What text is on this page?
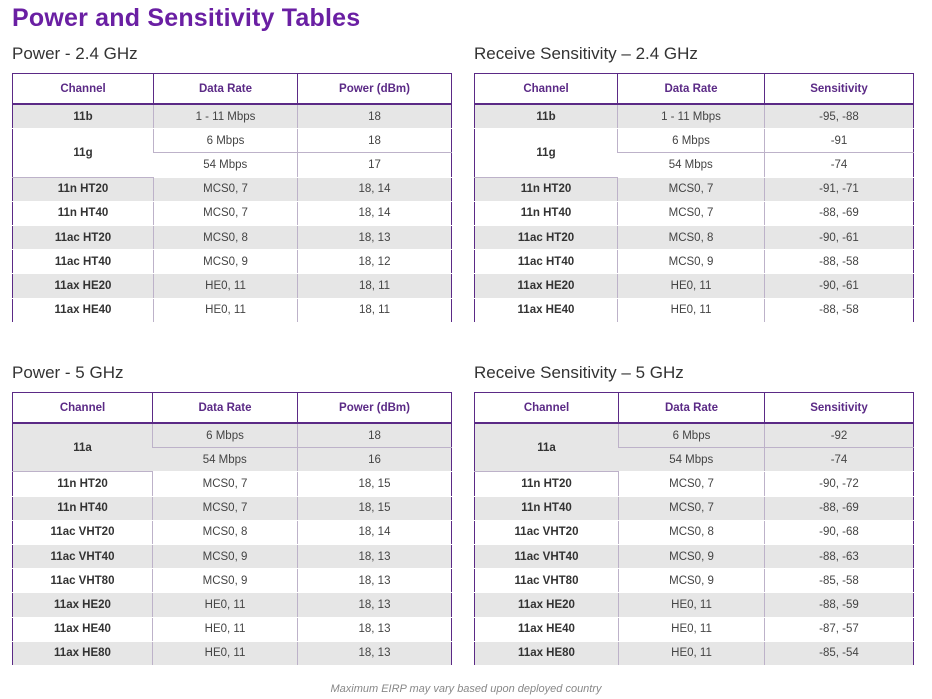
Power and Sensitivity Tables
Power - 2.4 GHz
Channel	Data Rate	Power (dBm)
11b	1 - 11 Mbps	18
11g	6 Mbps	18
	54 Mbps	17
11n HT20	MCS0, 7	18, 14
11n HT40	MCS0, 7	18, 14
11ac HT20	MCS0, 8	18, 13
11ac HT40	MCS0, 9	18, 12
11ax HE20	HE0, 11	18, 11
11ax HE40	HE0, 11	18, 11
Receive Sensitivity – 2.4 GHz
Channel	Data Rate	Sensitivity
11b	1 - 11 Mbps	-95, -88
11g	6 Mbps	-91
	54 Mbps	-74
11n HT20	MCS0, 7	-91, -71
11n HT40	MCS0, 7	-88, -69
11ac HT20	MCS0, 8	-90, -61
11ac HT40	MCS0, 9	-88, -58
11ax HE20	HE0, 11	-90, -61
11ax HE40	HE0, 11	-88, -58
Power - 5 GHz
Channel	Data Rate	Power (dBm)
11a	6 Mbps	18
	54 Mbps	16
11n HT20	MCS0, 7	18, 15
11n HT40	MCS0, 7	18, 15
11ac VHT20	MCS0, 8	18, 14
11ac VHT40	MCS0, 9	18, 13
11ac VHT80	MCS0, 9	18, 13
11ax HE20	HE0, 11	18, 13
11ax HE40	HE0, 11	18, 13
11ax HE80	HE0, 11	18, 13
Receive Sensitivity – 5 GHz
Channel	Data Rate	Sensitivity
11a	6 Mbps	-92
	54 Mbps	-74
11n HT20	MCS0, 7	-90, -72
11n HT40	MCS0, 7	-88, -69
11ac VHT20	MCS0, 8	-90, -68
11ac VHT40	MCS0, 9	-88, -63
11ac VHT80	MCS0, 9	-85, -58
11ax HE20	HE0, 11	-88, -59
11ax HE40	HE0, 11	-87, -57
11ax HE80	HE0, 11	-85, -54
Maximum EIRP may vary based upon deployed country
